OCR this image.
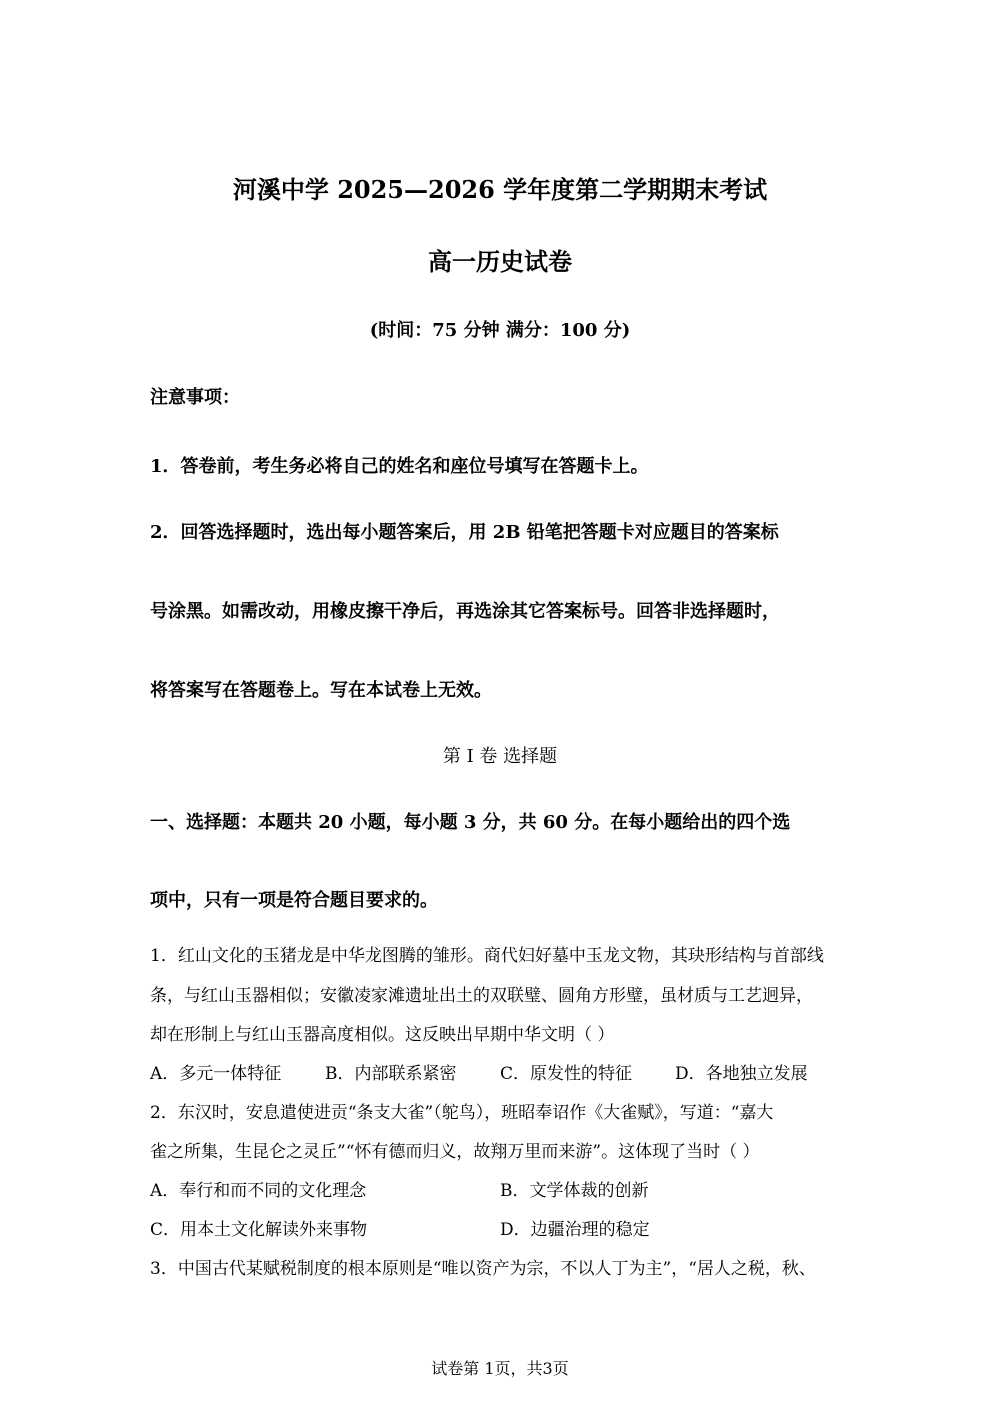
河溪中学 2025—2026 学年度第二学期期末考试
高一历史试卷
(时间：75 分钟 满分：100 分)
注意事项：
1．答卷前，考生务必将自己的姓名和座位号填写在答题卡上。
2．回答选择题时，选出每小题答案后，用 2B 铅笔把答题卡对应题目的答案标
号涂黑。如需改动，用橡皮擦干净后，再选涂其它答案标号。回答非选择题时，
将答案写在答题卷上。写在本试卷上无效。
第 I 卷 选择题
一、选择题：本题共 20 小题，每小题 3 分，共 60 分。在每小题给出的四个选
项中，只有一项是符合题目要求的。
1．红山文化的玉猪龙是中华龙图腾的雏形。商代妇好墓中玉龙文物，其玦形结构与首部线
条，与红山玉器相似；安徽凌家滩遗址出土的双联璧、圆角方形璧，虽材质与工艺迥异，
却在形制上与红山玉器高度相似。这反映出早期中华文明（ ）
A．多元一体特征	B．内部联系紧密	C．原发性的特征	D．各地独立发展
2．东汉时，安息遣使进贡“条支大雀”（鸵鸟），班昭奉诏作《大雀赋》，写道：“嘉大
雀之所集，生昆仑之灵丘”“怀有德而归义，故翔万里而来游”。这体现了当时（ ）
A．奉行和而不同的文化理念	B．文学体裁的创新
C．用本土文化解读外来事物	D．边疆治理的稳定
3．中国古代某赋税制度的根本原则是“唯以资产为宗，不以人丁为主”，“居人之税，秋、
试卷第 1页，共3页
